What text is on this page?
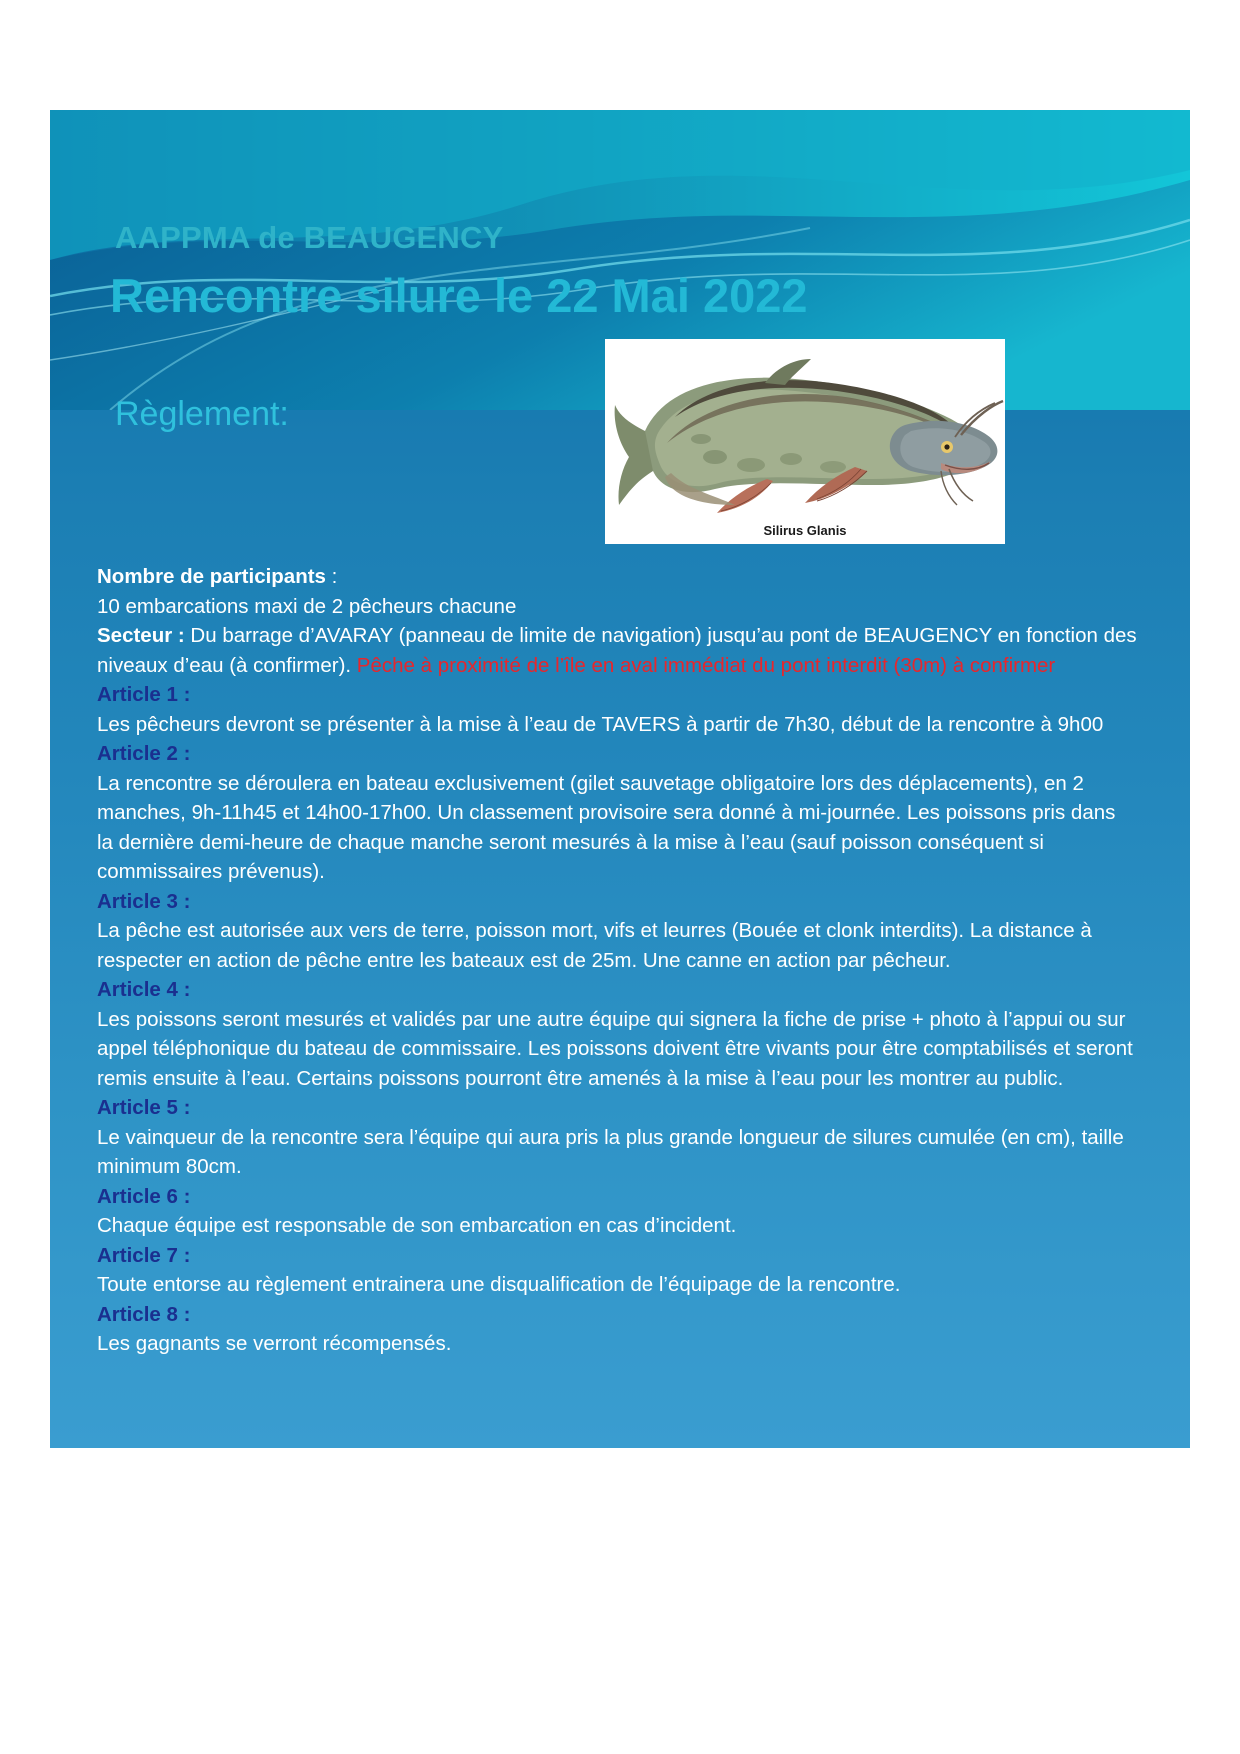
AAPPMA de BEAUGENCY
Rencontre silure le 22 Mai 2022
Règlement:
Silirus Glanis

Nombre de participants :

10 embarcations maxi de 2 pêcheurs chacune

Secteur : Du barrage d’AVARAY (panneau de limite de navigation) jusqu’au pont de BEAUGENCY en fonction des niveaux d’eau (à confirmer). Pêche à proximité de l’île en aval immédiat du pont interdit (30m) à confirmer

Article 1 :

Les pêcheurs devront se présenter à la mise à l’eau de TAVERS à partir de 7h30, début de la rencontre à 9h00

Article 2 :

La rencontre se déroulera en bateau exclusivement (gilet sauvetage obligatoire lors des déplacements), en 2 manches, 9h-11h45 et 14h00-17h00. Un classement provisoire sera donné à mi-journée. Les poissons pris dans la dernière demi-heure de chaque manche seront mesurés à la mise à l’eau (sauf poisson conséquent si commissaires prévenus).

Article 3 :

La pêche est autorisée aux vers de terre, poisson mort, vifs et leurres (Bouée et clonk interdits). La distance à respecter en action de pêche entre les bateaux est de 25m. Une canne en action par pêcheur.

Article 4 :

Les poissons seront mesurés et validés par une autre équipe qui signera la fiche de prise + photo à l’appui ou sur appel téléphonique du bateau de commissaire. Les poissons doivent être vivants pour être comptabilisés et seront remis ensuite à l’eau. Certains poissons pourront être amenés à la mise à l’eau pour les montrer au public.

Article 5 :

Le vainqueur de la rencontre sera l’équipe qui aura pris la plus grande longueur de silures cumulée (en cm), taille minimum 80cm.

Article 6 :

Chaque équipe est responsable de son embarcation en cas d’incident.

Article 7 :

Toute entorse au règlement entrainera une disqualification de l’équipage de la rencontre.

Article 8 :

Les gagnants se verront récompensés.
